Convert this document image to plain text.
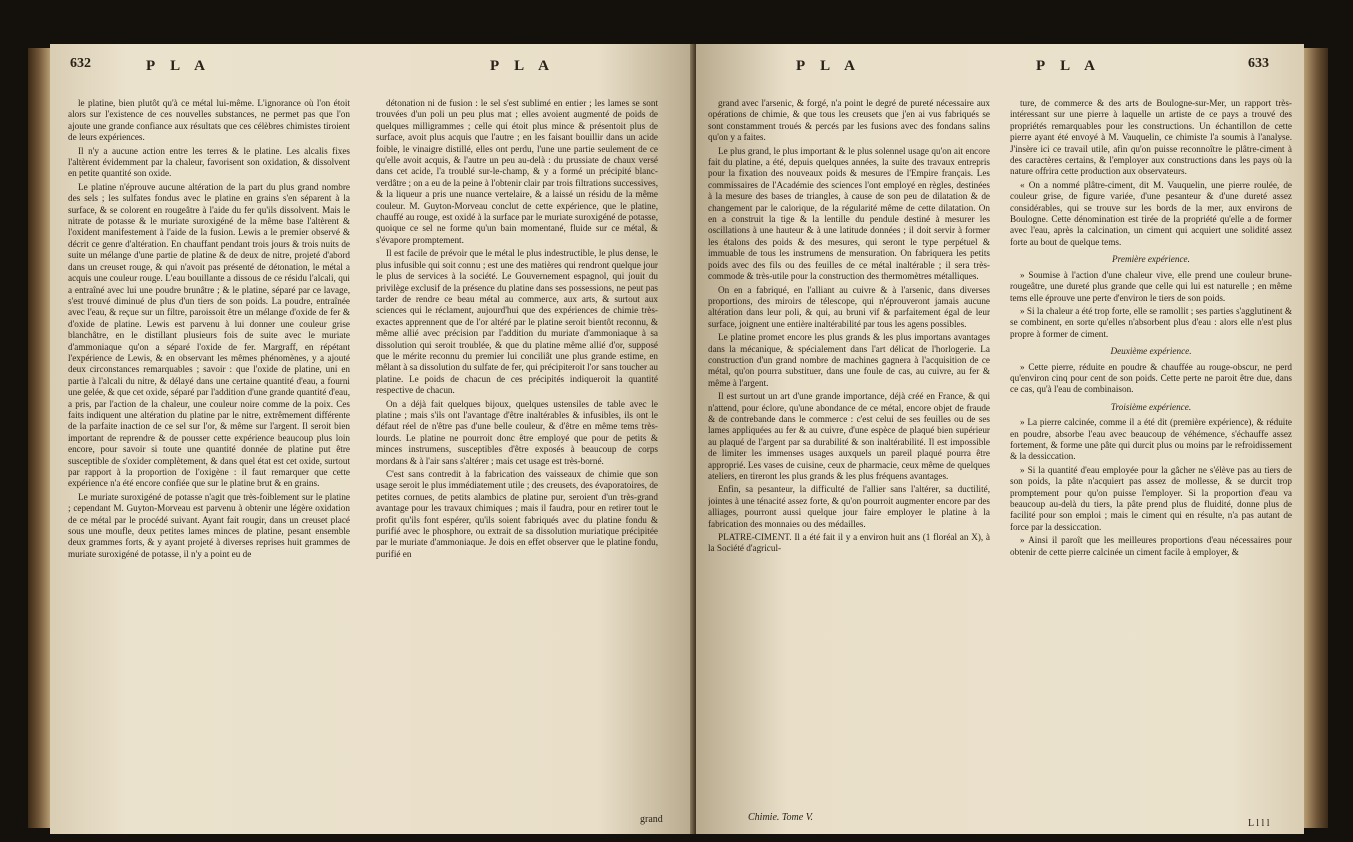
632	P L A	P L A

le platine, bien plutôt qu'à ce métal lui-même. L'ignorance où l'on étoit alors sur l'existence de ces nouvelles substances, ne permet pas que l'on ajoute une grande confiance aux résultats que ces célèbres chimistes tiroient de leurs expériences.

Il n'y a aucune action entre les terres & le platine. Les alcalis fixes l'altèrent évidemment par la chaleur, favorisent son oxidation, & dissolvent en petite quantité son oxide.

Le platine n'éprouve aucune altération de la part du plus grand nombre des sels ; les sulfates fondus avec le platine en grains s'en séparent à la surface, & se colorent en rougeâtre à l'aide du fer qu'ils dissolvent. Mais le nitrate de potasse & le muriate suroxigéné de la même base l'altèrent & l'oxident manifestement à l'aide de la fusion. Lewis a le premier observé & décrit ce genre d'altération. En chauffant pendant trois jours & trois nuits de suite un mélange d'une partie de platine & de deux de nitre, projeté d'abord dans un creuset rouge, & qui n'avoit pas présenté de détonation, le métal a acquis une couleur rouge. L'eau bouillante a dissous de ce résidu l'alcali, qui a entraîné avec lui une poudre brunâtre ; & le platine, séparé par ce lavage, s'est trouvé diminué de plus d'un tiers de son poids. La poudre, entraînée avec l'eau, & reçue sur un filtre, paroissoit être un mélange d'oxide de fer & d'oxide de platine. Lewis est parvenu à lui donner une couleur grise blanchâtre, en le distillant plusieurs fois de suite avec le muriate d'ammoniaque qu'on a séparé l'oxide de fer. Margraff, en répétant l'expérience de Lewis, & en observant les mêmes phénomènes, y a ajouté deux circonstances remarquables ; savoir : que l'oxide de platine, uni en partie à l'alcali du nitre, & délayé dans une certaine quantité d'eau, a fourni une gelée, & que cet oxide, séparé par l'addition d'une grande quantité d'eau, a pris, par l'action de la chaleur, une couleur noire comme de la poix. Ces faits indiquent une altération du platine par le nitre, extrêmement différente de la parfaite inaction de ce sel sur l'or, & même sur l'argent. Il seroit bien important de reprendre & de pousser cette expérience beaucoup plus loin encore, pour savoir si toute une quantité donnée de platine put être susceptible de s'oxider complètement, & dans quel état est cet oxide, surtout par rapport à la proportion de l'oxigène : il faut remarquer que cette expérience n'a été encore confiée que sur le platine brut & en grains.

Le muriate suroxigéné de potasse n'agit que très-foiblement sur le platine ; cependant M. Guyton-Morveau est parvenu à obtenir une légère oxidation de ce métal par le procédé suivant. Ayant fait rougir, dans un creuset placé sous une moufle, deux petites lames minces de platine, pesant ensemble deux grammes forts, & y ayant projeté à diverses reprises huit grammes de muriate suroxigéné de potasse, il n'y a point eu de

détonation ni de fusion : le sel s'est sublimé en entier ; les lames se sont trouvées d'un poli un peu plus mat ; elles avoient augmenté de poids de quelques milligrammes ; celle qui étoit plus mince & présentoit plus de surface, avoit plus acquis que l'autre ; en les faisant bouillir dans un acide foible, le vinaigre distillé, elles ont perdu, l'une une partie seulement de ce qu'elle avoit acquis, & l'autre un peu au-delà : du prussiate de chaux versé dans cet acide, l'a troublé sur-le-champ, & y a formé un précipité blanc-verdâtre ; on a eu de la peine à l'obtenir clair par trois filtrations successives, & la liqueur a pris une nuance vertelaire, & a laissé un résidu de la même couleur. M. Guyton-Morveau conclut de cette expérience, que le platine, chauffé au rouge, est oxidé à la surface par le muriate suroxigéné de potasse, quoique ce sel ne forme qu'un bain momentané, fluide sur ce métal, & s'évapore promptement.

Il est facile de prévoir que le métal le plus indestructible, le plus dense, le plus infusible qui soit connu ; est une des matières qui rendront quelque jour le plus de services à la société. Le Gouvernement espagnol, qui jouit du privilège exclusif de la présence du platine dans ses possessions, ne peut pas tarder de rendre ce beau métal au commerce, aux arts, & surtout aux sciences qui le réclament, aujourd'hui que des expériences de chimie très-exactes apprennent que de l'or altéré par le platine seroit bientôt reconnu, & même allié avec précision par l'addition du muriate d'ammoniaque à sa dissolution qui seroit troublée, & que du platine même allié d'or, supposé que le mérite reconnu du premier lui conciliât une plus grande estime, en mêlant à sa dissolution du sulfate de fer, qui précipiteroit l'or sans toucher au platine. Le poids de chacun de ces précipités indiqueroit la quantité respective de chacun.

On a déjà fait quelques bijoux, quelques ustensiles de table avec le platine ; mais s'ils ont l'avantage d'être inaltérables & infusibles, ils ont le défaut réel de n'être pas d'une belle couleur, & d'être en même tems très-lourds. Le platine ne pourroit donc être employé que pour de petits & minces instrumens, susceptibles d'être exposés à beaucoup de corps mordans & à l'air sans s'altérer ; mais cet usage est très-borné.

C'est sans contredit à la fabrication des vaisseaux de chimie que son usage seroit le plus immédiatement utile ; des creusets, des évaporatoires, de petites cornues, de petits alambics de platine pur, seroient d'un très-grand avantage pour les travaux chimiques ; mais il faudra, pour en retirer tout le profit qu'ils font espérer, qu'ils soient fabriqués avec du platine fondu & purifié avec le phosphore, ou extrait de sa dissolution muriatique précipitée par le muriate d'ammoniaque. Je dois en effet observer que le platine fondu, purifié en

grand
P L A	P L A	633

grand avec l'arsenic, & forgé, n'a point le degré de pureté nécessaire aux opérations de chimie, & que tous les creusets que j'en ai vus fabriqués se sont constamment troués & percés par les fusions avec des fondans salins qu'on y a faites.

Le plus grand, le plus important & le plus solennel usage qu'on ait encore fait du platine, a été, depuis quelques années, la suite des travaux entrepris pour la fixation des nouveaux poids & mesures de l'Empire français. Les commissaires de l'Académie des sciences l'ont employé en règles, destinées à la mesure des bases de triangles, à cause de son peu de dilatation & de changement par le calorique, de la régularité même de cette dilatation. On en a construit la tige & la lentille du pendule destiné à mesurer les oscillations à une hauteur & à une latitude données ; il doit servir à former les étalons des poids & des mesures, qui seront le type perpétuel & immuable de tous les instrumens de mensuration. On fabriquera les petits poids avec des fils ou des feuilles de ce métal inaltérable ; il sera très-commode & très-utile pour la construction des thermomètres métalliques.

On en a fabriqué, en l'alliant au cuivre & à l'arsenic, dans diverses proportions, des miroirs de télescope, qui n'éprouveront jamais aucune altération dans leur poli, & qui, au bruni vif & parfaitement égal de leur surface, joignent une entière inaltérabilité par tous les agens possibles.

Le platine promet encore les plus grands & les plus importans avantages dans la mécanique, & spécialement dans l'art délicat de l'horlogerie. La construction d'un grand nombre de machines gagnera à l'acquisition de ce métal, qu'on pourra substituer, dans une foule de cas, au cuivre, au fer & même à l'argent.

Il est surtout un art d'une grande importance, déjà créé en France, & qui n'attend, pour éclore, qu'une abondance de ce métal, encore objet de fraude & de contrebande dans le commerce : c'est celui de ses feuilles ou de ses lames appliquées au fer & au cuivre, d'une espèce de plaqué bien supérieur au plaqué de l'argent par sa durabilité & son inaltérabilité. Il est impossible de limiter les immenses usages auxquels un pareil plaqué pourra être approprié. Les vases de cuisine, ceux de pharmacie, ceux même de quelques ateliers, en tireront les plus grands & les plus fréquens avantages.

Enfin, sa pesanteur, la difficulté de l'allier sans l'altérer, sa ductilité, jointes à une ténacité assez forte, & qu'on pourroit augmenter encore par des alliages, pourront aussi quelque jour faire employer le platine à la fabrication des monnaies ou des médailles.

PLATRE-CIMENT. Il a été fait il y a environ huit ans (1 floréal an X), à la Société d'agricul-

Chimie. Tome V.

ture, de commerce & des arts de Boulogne-sur-Mer, un rapport très-intéressant sur une pierre à laquelle un artiste de ce pays a trouvé des propriétés remarquables pour les constructions. Un échantillon de cette pierre ayant été envoyé à M. Vauquelin, ce chimiste l'a soumis à l'analyse. J'insère ici ce travail utile, afin qu'on puisse reconnoître le plâtre-ciment à des caractères certains, & l'employer aux constructions dans les pays où la nature offrira cette production aux observateurs.

« On a nommé plâtre-ciment, dit M. Vauquelin, une pierre roulée, de couleur grise, de figure variée, d'une pesanteur & d'une dureté assez considérables, qui se trouve sur les bords de la mer, aux environs de Boulogne. Cette dénomination est tirée de la propriété qu'elle a de former avec l'eau, après la calcination, un ciment qui acquiert une solidité assez forte au bout de quelque tems.

Première expérience.

» Soumise à l'action d'une chaleur vive, elle prend une couleur brune-rougeâtre, une dureté plus grande que celle qui lui est naturelle ; en même tems elle éprouve une perte d'environ le tiers de son poids.

» Si la chaleur a été trop forte, elle se ramollit ; ses parties s'agglutinent & se combinent, en sorte qu'elles n'absorbent plus d'eau : alors elle n'est plus propre à former de ciment.

Deuxième expérience.

» Cette pierre, réduite en poudre & chauffée au rouge-obscur, ne perd qu'environ cinq pour cent de son poids. Cette perte ne paroit être due, dans ce cas, qu'à l'eau de combinaison.

Troisième expérience.

» La pierre calcinée, comme il a été dit (première expérience), & réduite en poudre, absorbe l'eau avec beaucoup de véhémence, s'échauffe assez fortement, & forme une pâte qui durcit plus ou moins par le refroidissement & la dessiccation.

» Si la quantité d'eau employée pour la gâcher ne s'élève pas au tiers de son poids, la pâte n'acquiert pas assez de mollesse, & se durcit trop promptement pour qu'on puisse l'employer. Si la proportion d'eau va beaucoup au-delà du tiers, la pâte prend plus de fluidité, donne plus de facilité pour son emploi ; mais le ciment qui en résulte, n'a pas autant de force par la dessiccation.

» Ainsi il paroît que les meilleures proportions d'eau nécessaires pour obtenir de cette pierre calcinée un ciment facile à employer, &

L l l l
